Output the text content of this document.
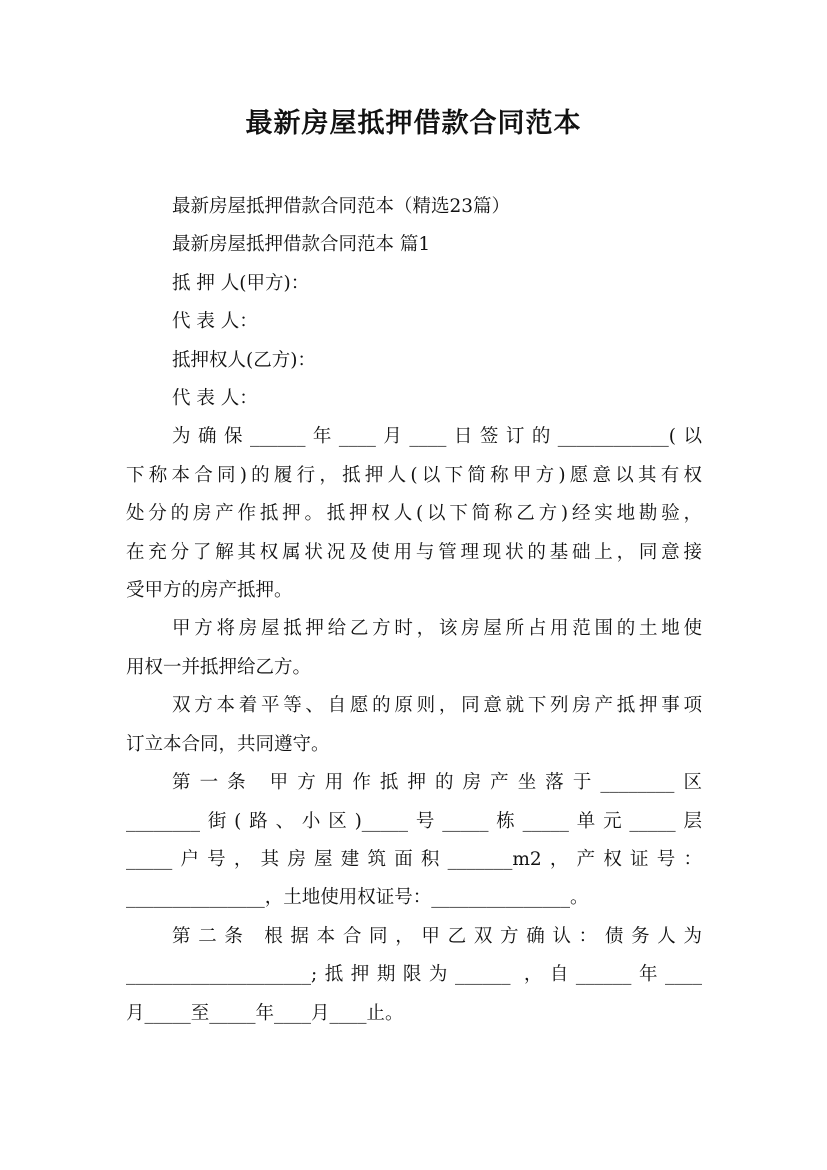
最新房屋抵押借款合同范本

最新房屋抵押借款合同范本（精选23篇）

最新房屋抵押借款合同范本 篇1

抵 押 人(甲方)：

代 表 人：

抵押权人(乙方)：

代 表 人：

为确保______年____月____日签订的____________(以

下称本合同)的履行，抵押人(以下简称甲方)愿意以其有权

处分的房产作抵押。抵押权人(以下简称乙方)经实地勘验，

在充分了解其权属状况及使用与管理现状的基础上，同意接

受甲方的房产抵押。

甲方将房屋抵押给乙方时，该房屋所占用范围的土地使

用权一并抵押给乙方。

双方本着平等、自愿的原则，同意就下列房产抵押事项

订立本合同，共同遵守。

第一条 甲方用作抵押的房产坐落于________区

________街(路、小区)_____号_____栋_____单元_____层

_____户号，其房屋建筑面积_______m2，产权证号：

_______________，土地使用权证号：_______________。

第二条 根据本合同，甲乙双方确认：债务人为

____________________;抵押期限为______ ，自______年____

月_____至_____年____月____止。
